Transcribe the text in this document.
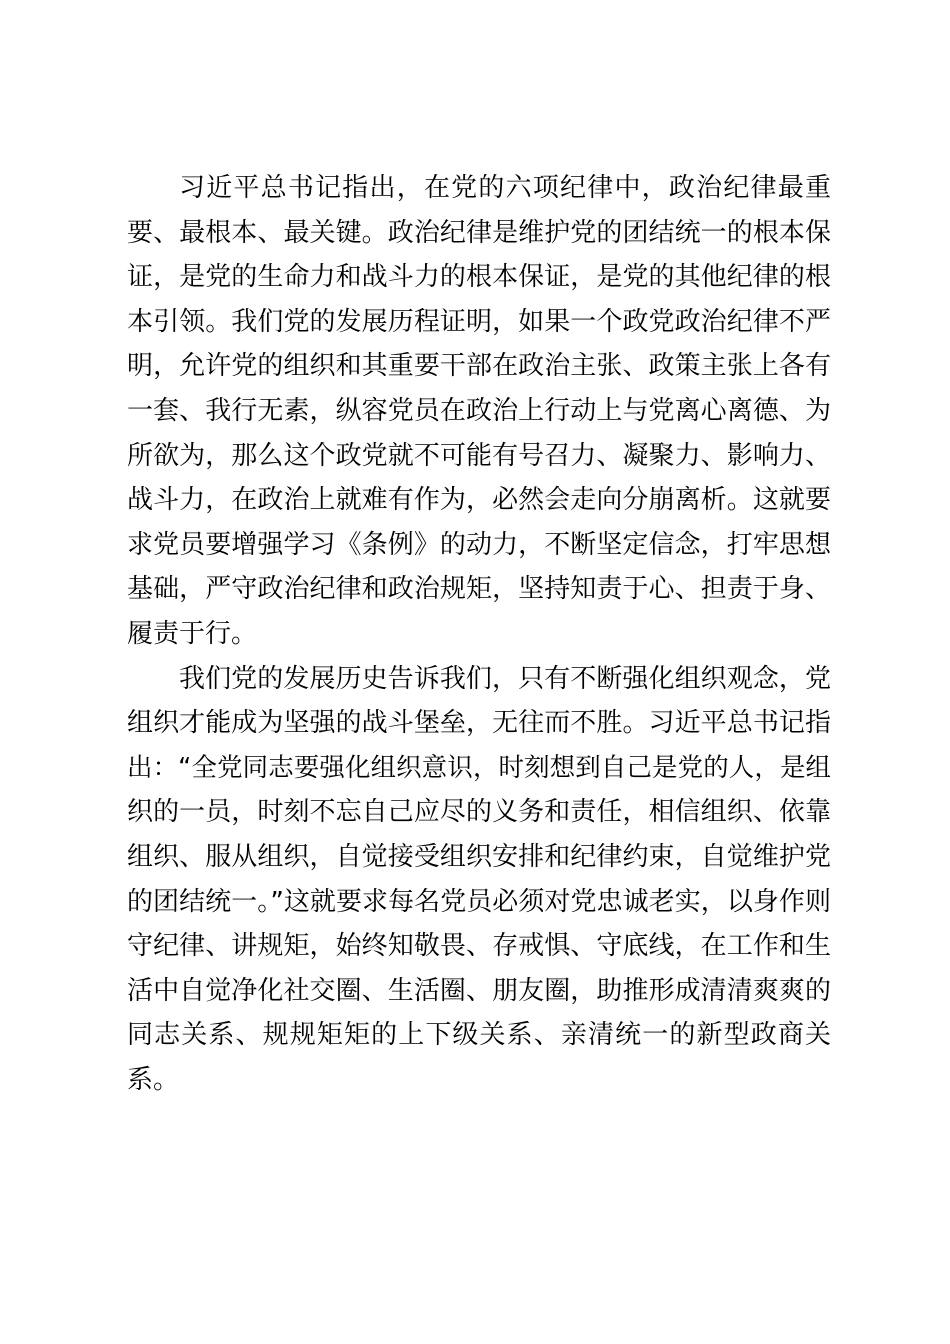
习近平总书记指出，在党的六项纪律中，政治纪律最重
要、最根本、最关键。政治纪律是维护党的团结统一的根本保
证，是党的生命力和战斗力的根本保证，是党的其他纪律的根
本引领。我们党的发展历程证明，如果一个政党政治纪律不严
明，允许党的组织和其重要干部在政治主张、政策主张上各有
一套、我行无素，纵容党员在政治上行动上与党离心离德、为
所欲为，那么这个政党就不可能有号召力、凝聚力、影响力、
战斗力，在政治上就难有作为，必然会走向分崩离析。这就要
求党员要增强学习《条例》的动力，不断坚定信念，打牢思想
基础，严守政治纪律和政治规矩，坚持知责于心、担责于身、
履责于行。
我们党的发展历史告诉我们，只有不断强化组织观念，党
组织才能成为坚强的战斗堡垒，无往而不胜。习近平总书记指
出：“全党同志要强化组织意识，时刻想到自己是党的人，是组
织的一员，时刻不忘自己应尽的义务和责任，相信组织、依靠
组织、服从组织，自觉接受组织安排和纪律约束，自觉维护党
的团结统一。”这就要求每名党员必须对党忠诚老实，以身作则
守纪律、讲规矩，始终知敬畏、存戒惧、守底线，在工作和生
活中自觉净化社交圈、生活圈、朋友圈，助推形成清清爽爽的
同志关系、规规矩矩的上下级关系、亲清统一的新型政商关
系。
